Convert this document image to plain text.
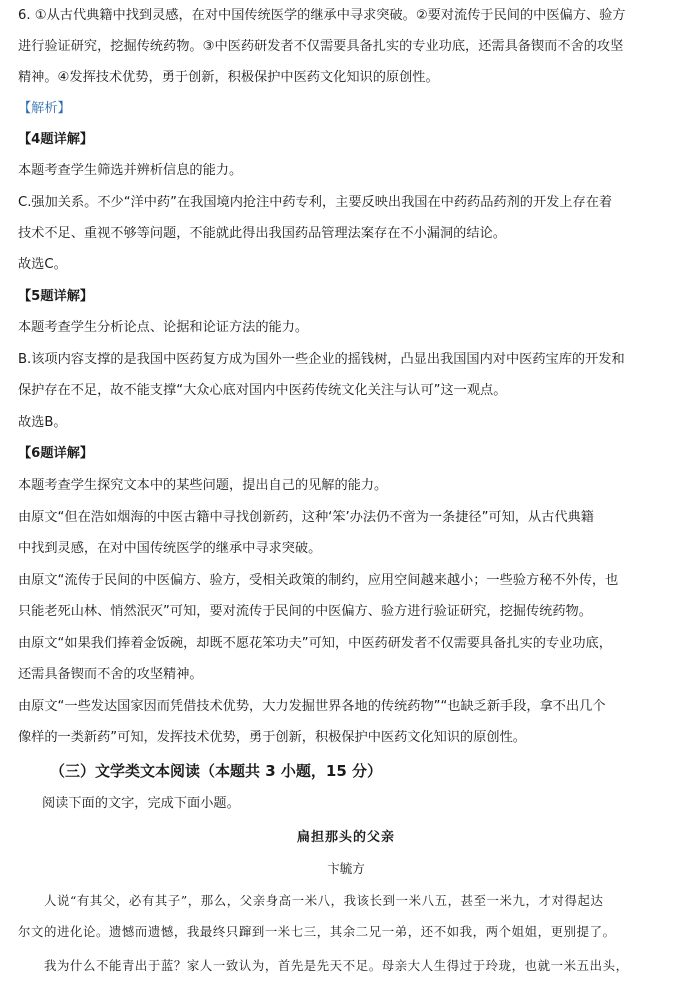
6. ①从古代典籍中找到灵感，在对中国传统医学的继承中寻求突破。②要对流传于民间的中医偏方、验方
进行验证研究，挖掘传统药物。③中医药研发者不仅需要具备扎实的专业功底，还需具备锲而不舍的攻坚
精神。④发挥技术优势，勇于创新，积极保护中医药文化知识的原创性。
【解析】
【4题详解】
本题考查学生筛选并辨析信息的能力。
C.强加关系。不少“洋中药”在我国境内抢注中药专利，主要反映出我国在中药药品药剂的开发上存在着
技术不足、重视不够等问题，不能就此得出我国药品管理法案存在不小漏洞的结论。
故选C。
【5题详解】
本题考查学生分析论点、论据和论证方法的能力。
B.该项内容支撑的是我国中医药复方成为国外一些企业的摇钱树，凸显出我国国内对中医药宝库的开发和
保护存在不足，故不能支撑“大众心底对国内中医药传统文化关注与认可”这一观点。
故选B。
【6题详解】
本题考查学生探究文本中的某些问题，提出自己的见解的能力。
由原文“但在浩如烟海的中医古籍中寻找创新药，这种‘笨’办法仍不啻为一条捷径”可知，从古代典籍
中找到灵感，在对中国传统医学的继承中寻求突破。
由原文“流传于民间的中医偏方、验方，受相关政策的制约，应用空间越来越小；一些验方秘不外传，也
只能老死山林、悄然泯灭”可知，要对流传于民间的中医偏方、验方进行验证研究，挖掘传统药物。
由原文“如果我们捧着金饭碗，却既不愿花笨功夫”可知，中医药研发者不仅需要具备扎实的专业功底，
还需具备锲而不舍的攻坚精神。
由原文“一些发达国家因而凭借技术优势，大力发掘世界各地的传统药物”“也缺乏新手段，拿不出几个
像样的一类新药”可知，发挥技术优势，勇于创新，积极保护中医药文化知识的原创性。
（三）文学类文本阅读（本题共 3 小题，15 分）
阅读下面的文字，完成下面小题。
扁担那头的父亲
卞毓方
人说“有其父，必有其子”，那么，父亲身高一米八，我该长到一米八五，甚至一米九，才对得起达
尔文的进化论。遗憾而遗憾，我最终只蹿到一米七三，其余二兄一弟，还不如我，两个姐姐，更别提了。
我为什么不能青出于蓝？家人一致认为，首先是先天不足。母亲大人生得过于玲珑，也就一米五出头，
